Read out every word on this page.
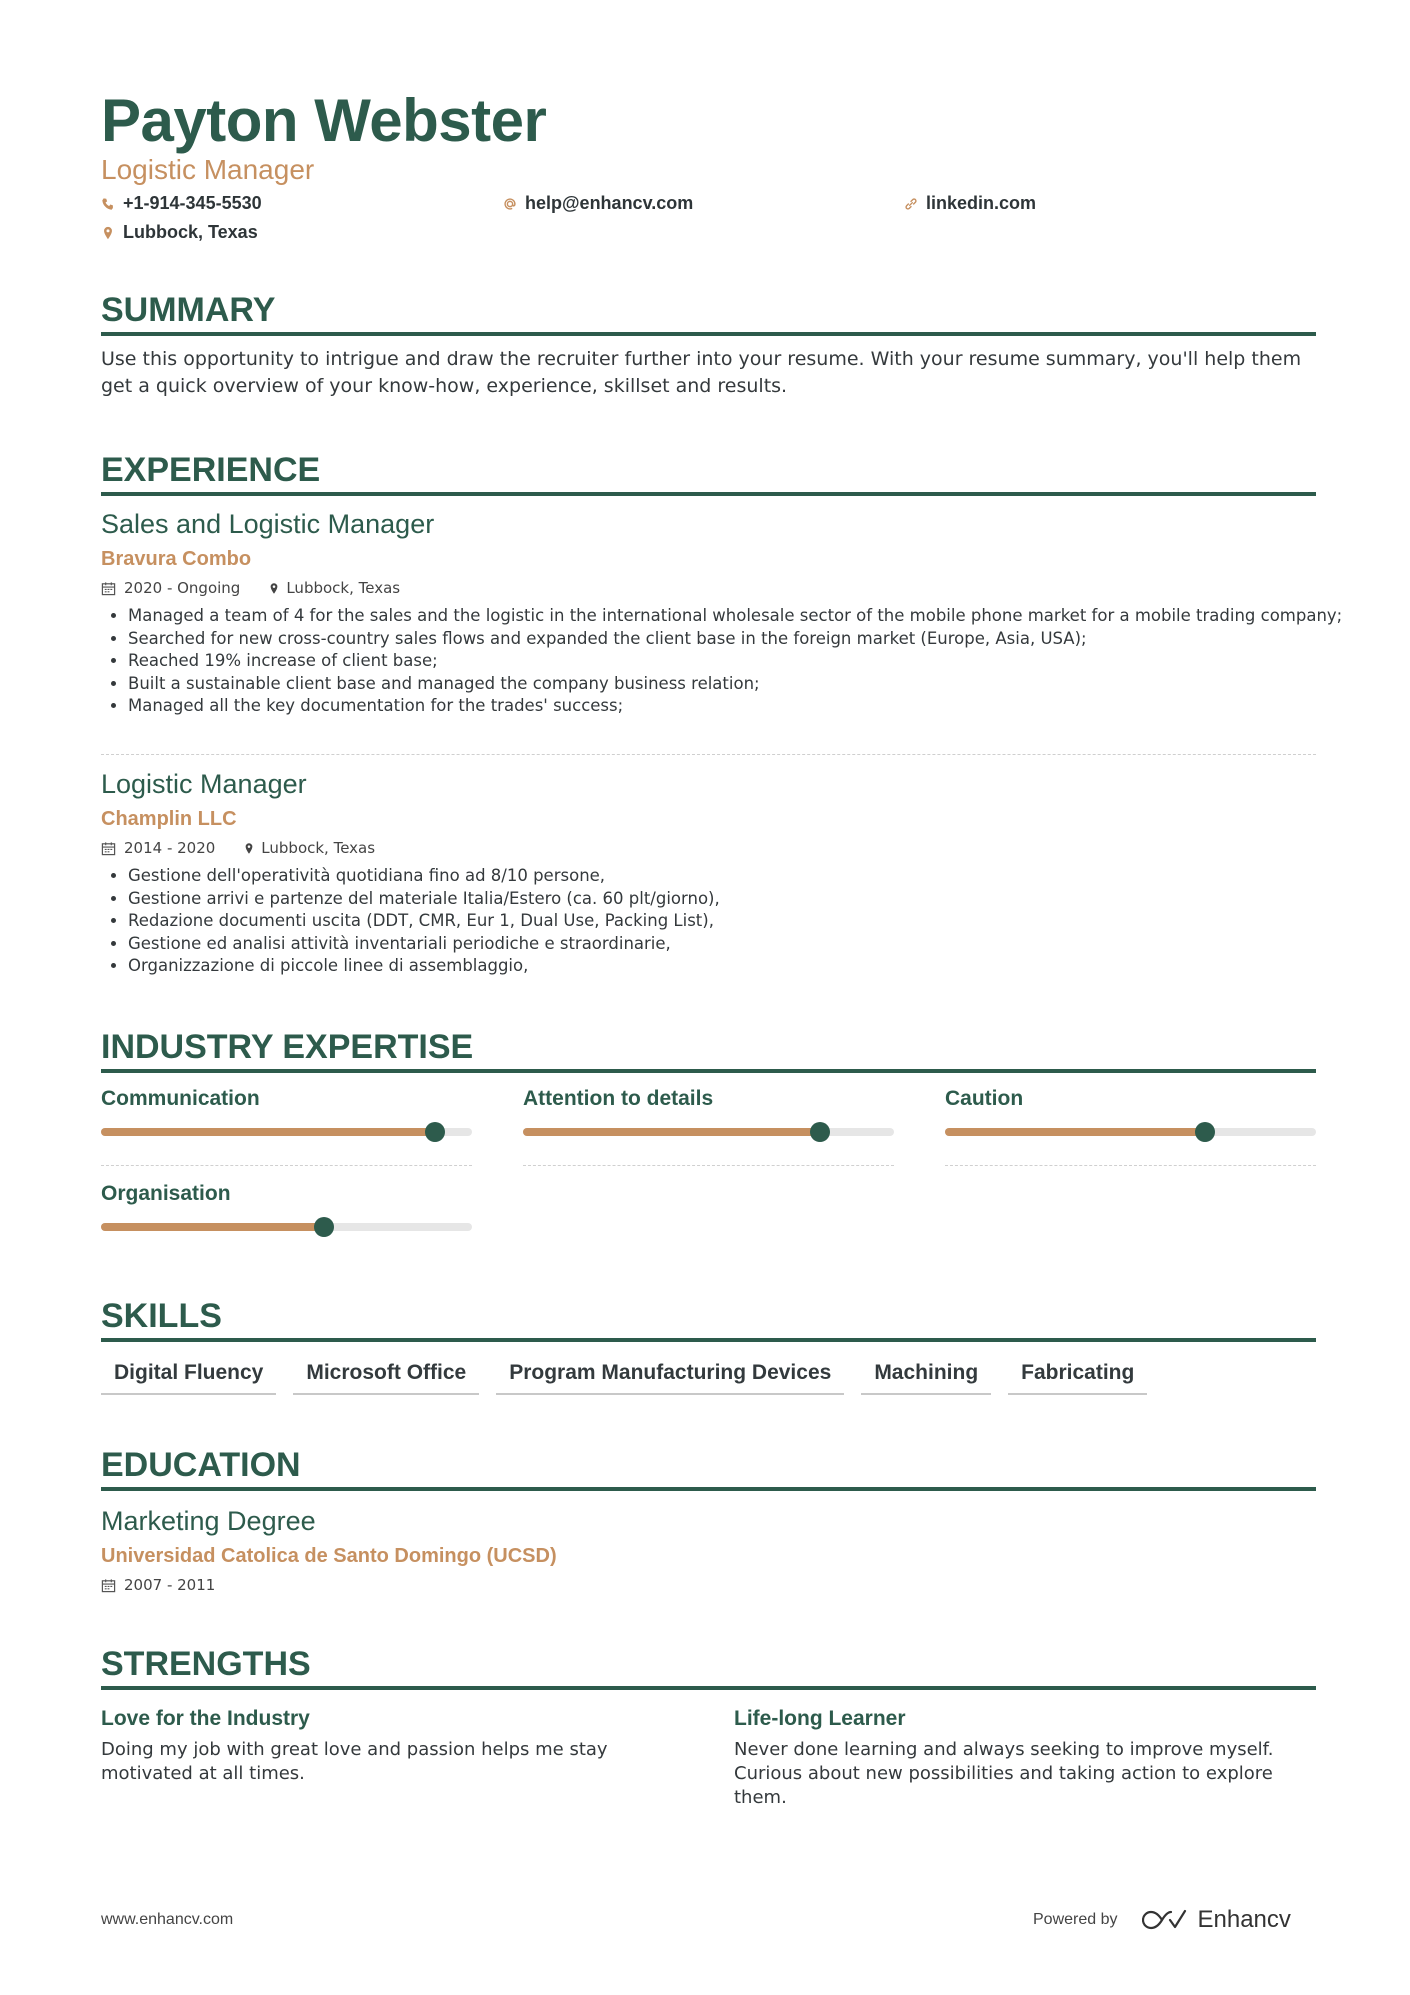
Payton Webster
Logistic Manager
+1-914-345-5530	help@enhancv.com	linkedin.com
Lubbock, Texas
SUMMARY
Use this opportunity to intrigue and draw the recruiter further into your resume. With your resume summary, you'll help them get a quick overview of your know-how, experience, skillset and results.
EXPERIENCE
Sales and Logistic Manager
Bravura Combo
2020 - Ongoing	Lubbock, Texas
• Managed a team of 4 for the sales and the logistic in the international wholesale sector of the mobile phone market for a mobile trading company;
• Searched for new cross-country sales flows and expanded the client base in the foreign market (Europe, Asia, USA);
• Reached 19% increase of client base;
• Built a sustainable client base and managed the company business relation;
• Managed all the key documentation for the trades' success;
Logistic Manager
Champlin LLC
2014 - 2020	Lubbock, Texas
• Gestione dell'operatività quotidiana fino ad 8/10 persone,
• Gestione arrivi e partenze del materiale Italia/Estero (ca. 60 plt/giorno),
• Redazione documenti uscita (DDT, CMR, Eur 1, Dual Use, Packing List),
• Gestione ed analisi attività inventariali periodiche e straordinarie,
• Organizzazione di piccole linee di assemblaggio,
INDUSTRY EXPERTISE
Communication	Attention to details	Caution
Organisation
SKILLS
Digital Fluency	Microsoft Office	Program Manufacturing Devices	Machining	Fabricating
EDUCATION
Marketing Degree
Universidad Catolica de Santo Domingo (UCSD)
2007 - 2011
STRENGTHS
Love for the Industry
Doing my job with great love and passion helps me stay motivated at all times.
Life-long Learner
Never done learning and always seeking to improve myself. Curious about new possibilities and taking action to explore them.
www.enhancv.com	Powered by	Enhancv
